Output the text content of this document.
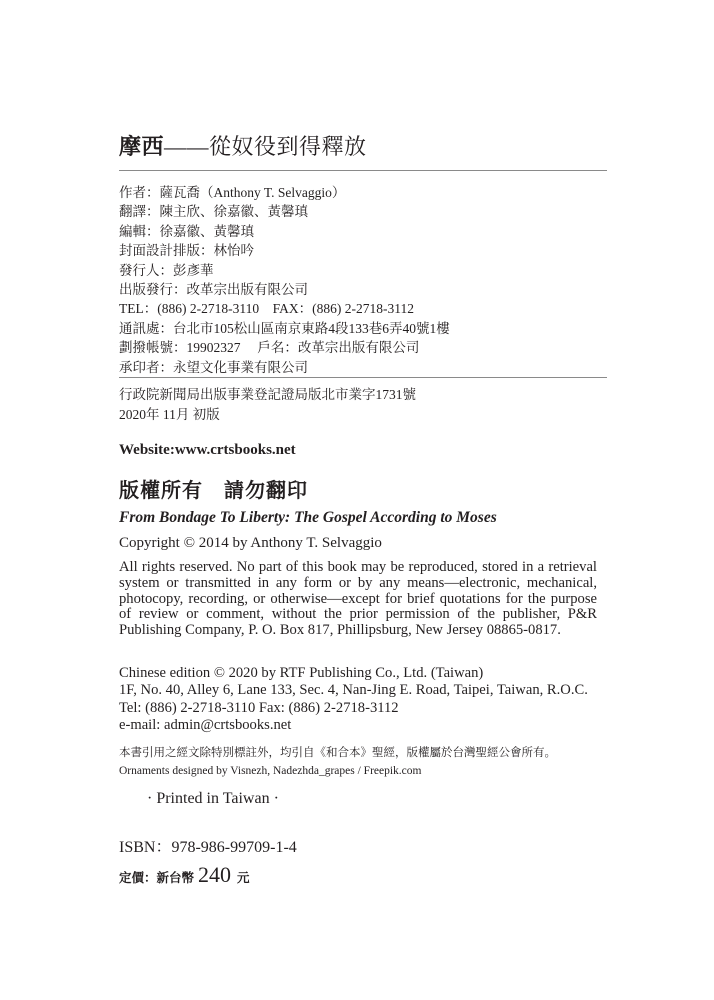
摩西——從奴役到得釋放
作者：薩瓦喬（Anthony T. Selvaggio）
翻譯：陳主欣、徐嘉徽、黃馨瑱
編輯：徐嘉徽、黃馨瑱
封面設計排版：林怡吟
發行人：彭彥華
出版發行：改革宗出版有限公司
TEL：(886) 2-2718-3110　FAX：(886) 2-2718-3112
通訊處：台北市105松山區南京東路4段133巷6弄40號1樓
劃撥帳號：19902327　 戶名：改革宗出版有限公司
承印者：永望文化事業有限公司
行政院新聞局出版事業登記證局版北市業字1731號
2020年 11月 初版
Website:www.crtsbooks.net
版權所有　請勿翻印
From Bondage To Liberty: The Gospel According to Moses
Copyright © 2014 by Anthony T. Selvaggio
All rights reserved. No part of this book may be reproduced, stored in a retrieval system or transmitted in any form or by any means—electronic, mechanical, photocopy, recording, or otherwise—except for brief quotations for the purpose of review or comment, without the prior permission of the publisher, P&R Publishing Company, P. O. Box 817, Phillipsburg, New Jersey 08865-0817.
Chinese edition © 2020 by RTF Publishing Co., Ltd. (Taiwan)
1F, No. 40, Alley 6, Lane 133, Sec. 4, Nan-Jing E. Road, Taipei, Taiwan, R.O.C.
Tel: (886) 2-2718-3110 Fax: (886) 2-2718-3112
e-mail: admin@crtsbooks.net
本書引用之經文除特別標註外，均引自《和合本》聖經，版權屬於台灣聖經公會所有。
Ornaments designed by Visnezh, Nadezhda_grapes / Freepik.com
· Printed in Taiwan ·
ISBN：978-986-99709-1-4
定價：新台幣 240 元
